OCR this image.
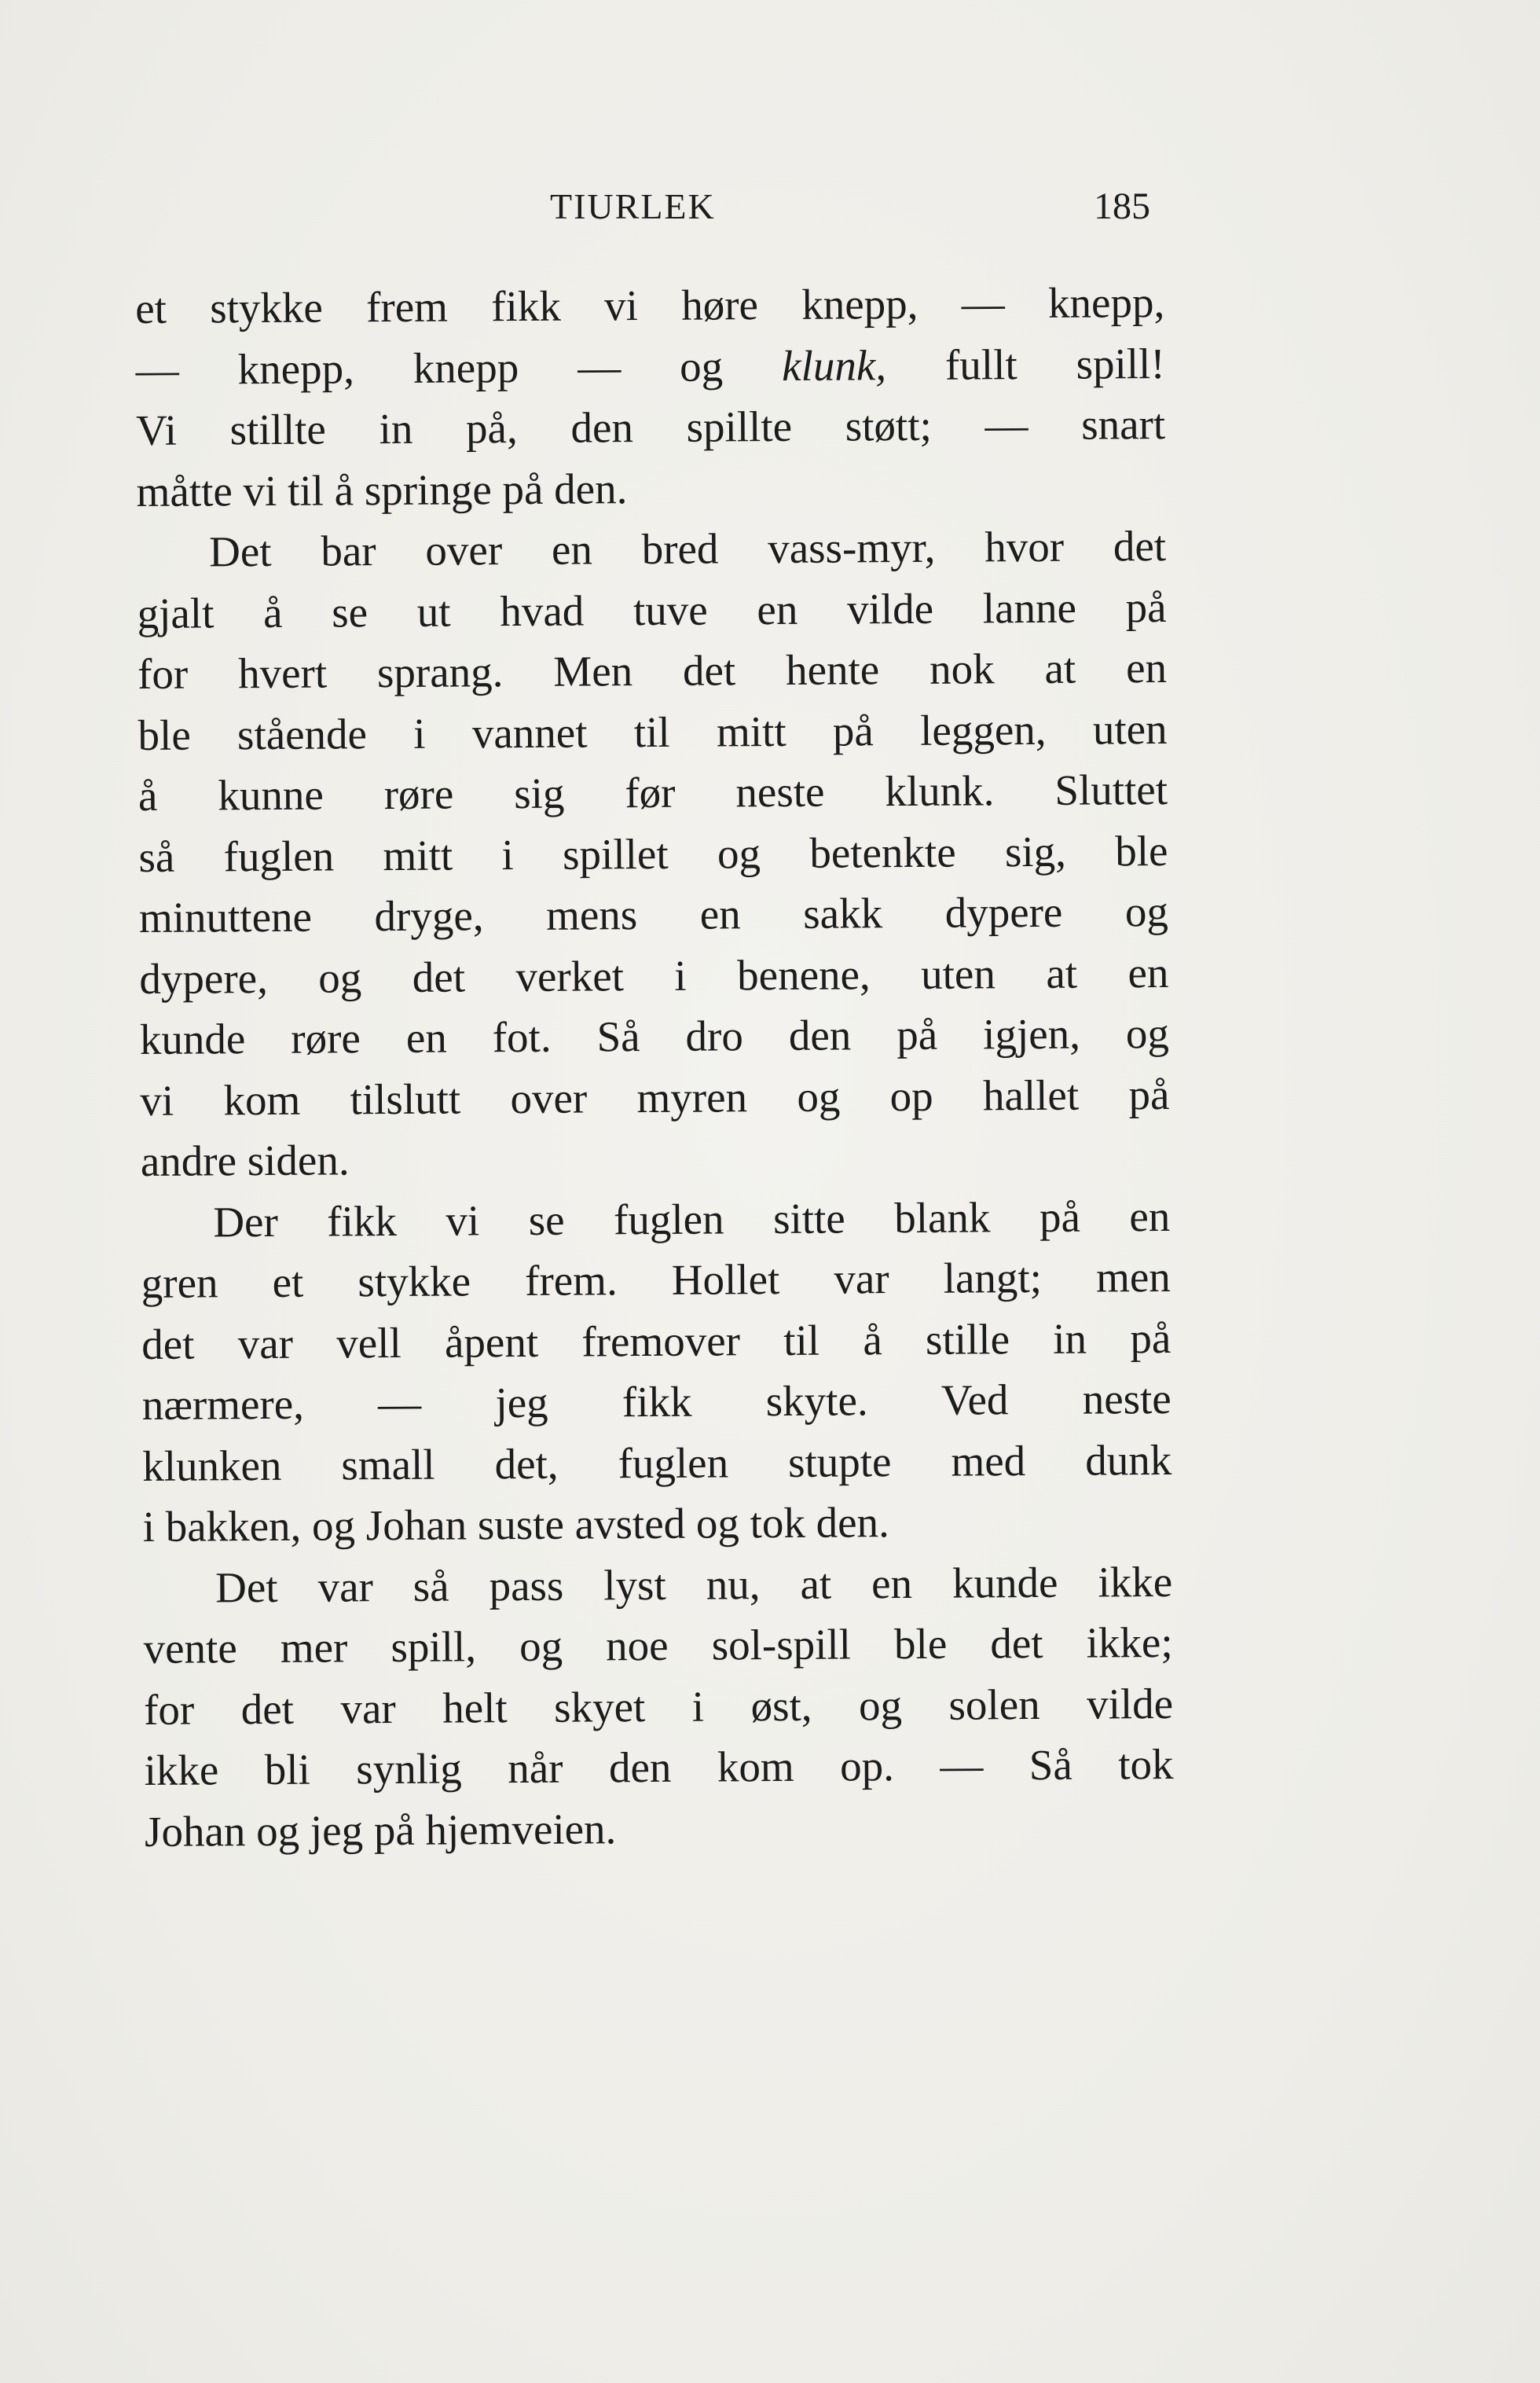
TIURLEK	185

et stykke frem fikk vi høre knepp, — knepp,
— knepp, knepp — og klunk, fullt spill!
Vi stillte in på, den spillte støtt; — snart
måtte vi til å springe på den.

Det bar over en bred vass-myr, hvor det
gjalt å se ut hvad tuve en vilde lanne på
for hvert sprang. Men det hente nok at en
ble stående i vannet til mitt på leggen, uten
å kunne røre sig før neste klunk. Sluttet
så fuglen mitt i spillet og betenkte sig, ble
minuttene dryge, mens en sakk dypere og
dypere, og det verket i benene, uten at en
kunde røre en fot. Så dro den på igjen, og
vi kom tilslutt over myren og op hallet på
andre siden.

Der fikk vi se fuglen sitte blank på en
gren et stykke frem. Hollet var langt; men
det var vell åpent fremover til å stille in på
nærmere, — jeg fikk skyte. Ved neste
klunken small det, fuglen stupte med dunk
i bakken, og Johan suste avsted og tok den.

Det var så pass lyst nu, at en kunde ikke
vente mer spill, og noe sol-spill ble det ikke;
for det var helt skyet i øst, og solen vilde
ikke bli synlig når den kom op. — Så tok
Johan og jeg på hjemveien.
